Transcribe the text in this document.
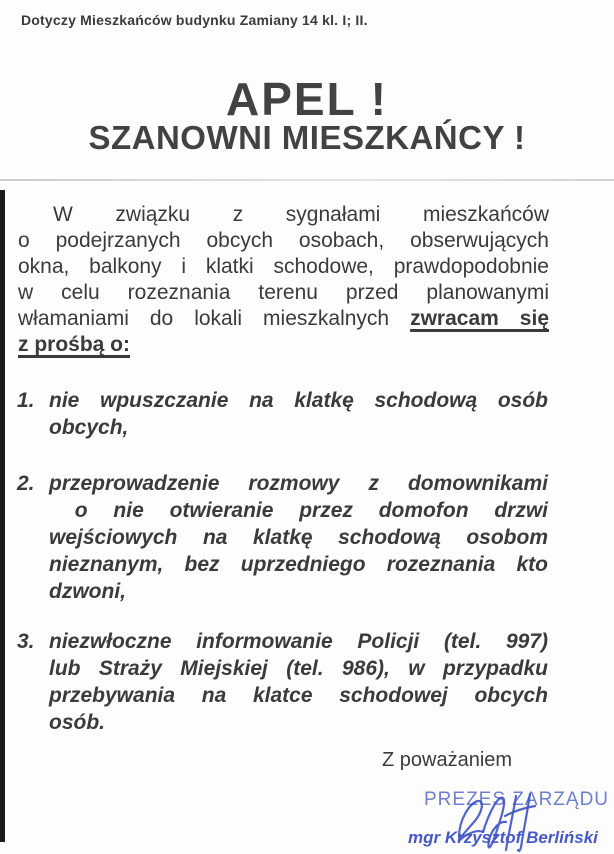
Dotyczy Mieszkańców budynku Zamiany 14 kl. I; II.
APEL !
SZANOWNI MIESZKAŃCY !
W związku z sygnałami mieszkańców
o podejrzanych obcych osobach, obserwujących
okna, balkony i klatki schodowe, prawdopodobnie
w celu rozeznania terenu przed planowanymi
włamaniami do lokali mieszkalnych zwracam się
z prośbą o:
1. nie wpuszczanie na klatkę schodową osób
obcych,
2. przeprowadzenie rozmowy z domownikami
o nie otwieranie przez domofon drzwi
wejściowych na klatkę schodową osobom
nieznanym, bez uprzedniego rozeznania kto
dzwoni,
3. niezwłoczne informowanie Policji (tel. 997)
lub Straży Miejskiej (tel. 986), w przypadku
przebywania na klatce schodowej obcych
osób.
Z poważaniem
PREZES ZARZĄDU
mgr Krzysztof Berliński
